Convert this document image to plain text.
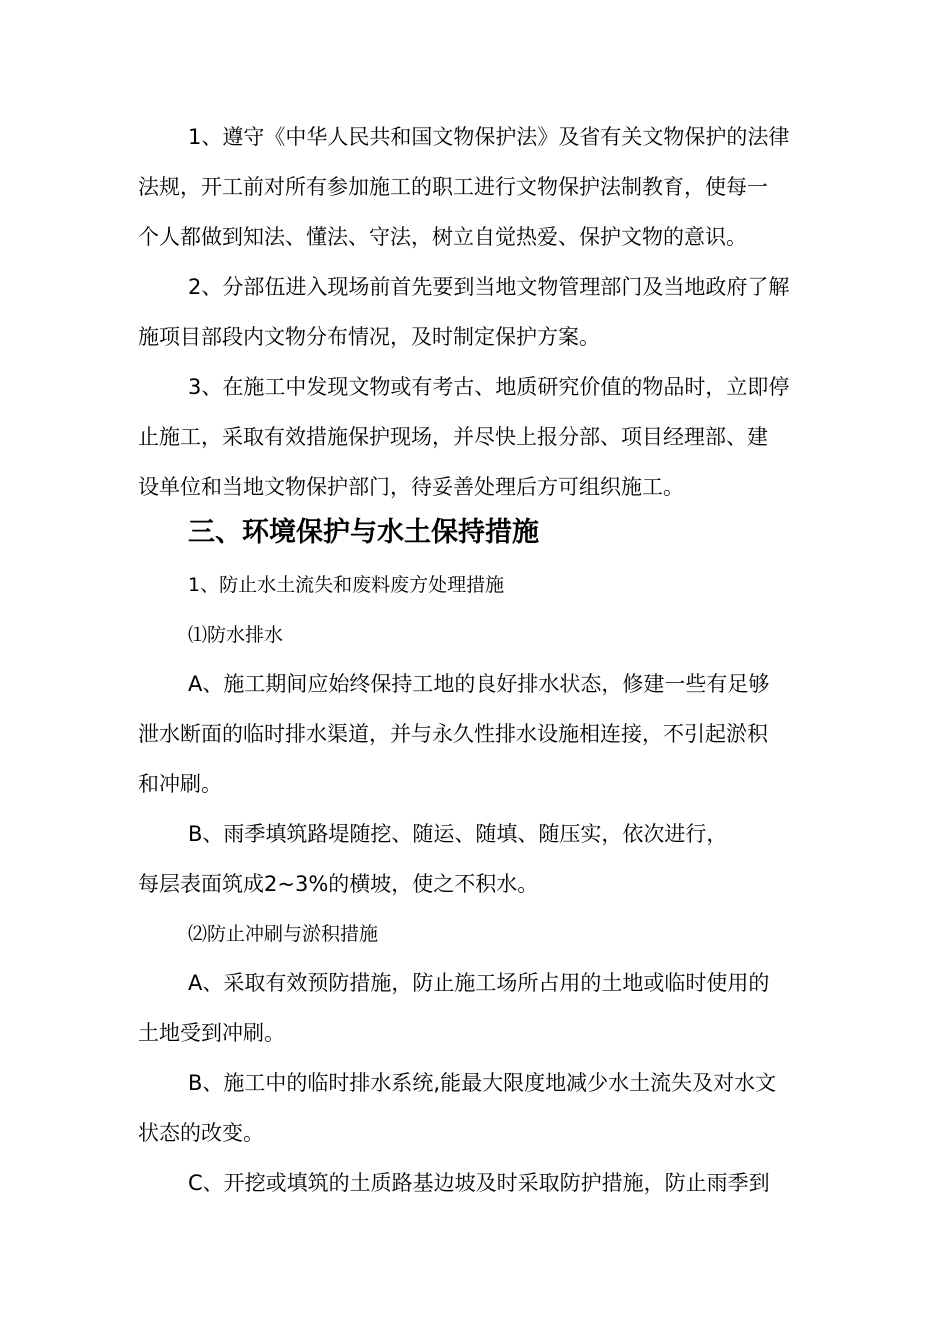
1、遵守《中华人民共和国文物保护法》及省有关文物保护的法律
法规，开工前对所有参加施工的职工进行文物保护法制教育，使每一
个人都做到知法、懂法、守法，树立自觉热爱、保护文物的意识。
2、分部伍进入现场前首先要到当地文物管理部门及当地政府了解
施项目部段内文物分布情况，及时制定保护方案。
3、在施工中发现文物或有考古、地质研究价值的物品时，立即停
止施工，采取有效措施保护现场，并尽快上报分部、项目经理部、建
设单位和当地文物保护部门，待妥善处理后方可组织施工。
三、环境保护与水土保持措施
1、防止水土流失和废料废方处理措施
⑴防水排水
A、施工期间应始终保持工地的良好排水状态，修建一些有足够
泄水断面的临时排水渠道，并与永久性排水设施相连接，不引起淤积
和冲刷。
B、雨季填筑路堤随挖、随运、随填、随压实，依次进行，
每层表面筑成2~3%的横坡，使之不积水。
⑵防止冲刷与淤积措施
A、采取有效预防措施，防止施工场所占用的土地或临时使用的
土地受到冲刷。
B、施工中的临时排水系统,能最大限度地减少水土流失及对水文
状态的改变。
C、开挖或填筑的土质路基边坡及时采取防护措施，防止雨季到
